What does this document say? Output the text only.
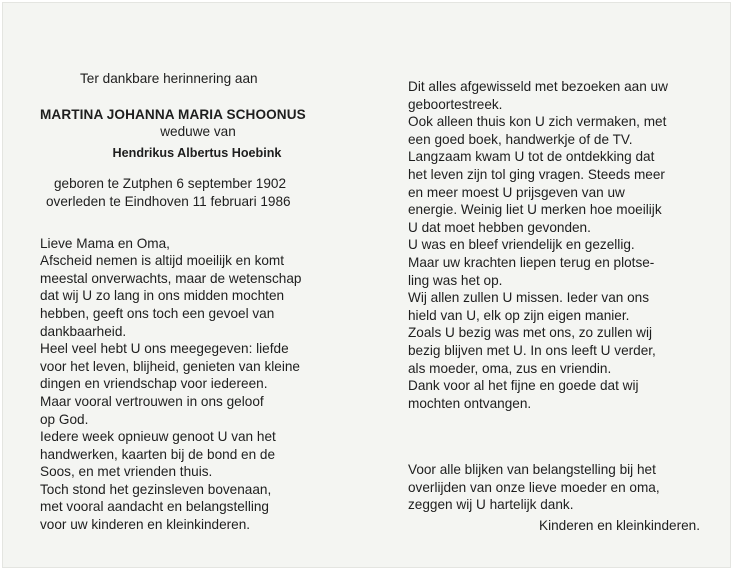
Ter dankbare herinnering aan
MARTINA JOHANNA MARIA SCHOONUS
weduwe van
Hendrikus Albertus Hoebink
geboren te Zutphen 6 september 1902
overleden te Eindhoven 11 februari 1986
Lieve Mama en Oma,
Afscheid nemen is altijd moeilijk en komt
meestal onverwachts, maar de wetenschap
dat wij U zo lang in ons midden mochten
hebben, geeft ons toch een gevoel van
dankbaarheid.
Heel veel hebt U ons meegegeven: liefde
voor het leven, blijheid, genieten van kleine
dingen en vriendschap voor iedereen.
Maar vooral vertrouwen in ons geloof
op God.
Iedere week opnieuw genoot U van het
handwerken, kaarten bij de bond en de
Soos, en met vrienden thuis.
Toch stond het gezinsleven bovenaan,
met vooral aandacht en belangstelling
voor uw kinderen en kleinkinderen.
Dit alles afgewisseld met bezoeken aan uw
geboortestreek.
Ook alleen thuis kon U zich vermaken, met
een goed boek, handwerkje of de TV.
Langzaam kwam U tot de ontdekking dat
het leven zijn tol ging vragen. Steeds meer
en meer moest U prijsgeven van uw
energie. Weinig liet U merken hoe moeilijk
U dat moet hebben gevonden.
U was en bleef vriendelijk en gezellig.
Maar uw krachten liepen terug en plotse-
ling was het op.
Wij allen zullen U missen. Ieder van ons
hield van U, elk op zijn eigen manier.
Zoals U bezig was met ons, zo zullen wij
bezig blijven met U. In ons leeft U verder,
als moeder, oma, zus en vriendin.
Dank voor al het fijne en goede dat wij
mochten ontvangen.
Voor alle blijken van belangstelling bij het
overlijden van onze lieve moeder en oma,
zeggen wij U hartelijk dank.
Kinderen en kleinkinderen.
